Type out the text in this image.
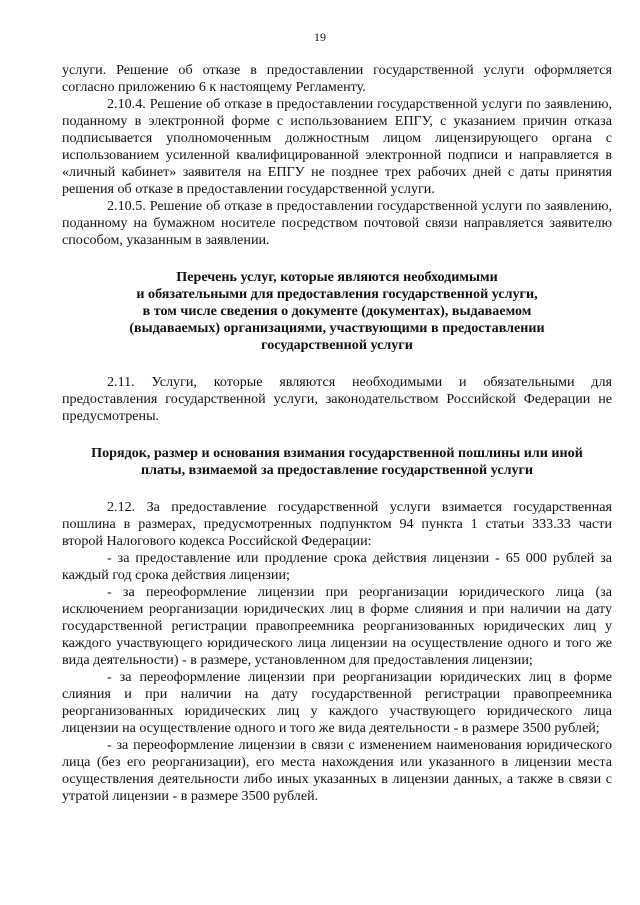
19

услуги. Решение об отказе в предоставлении государственной услуги оформляется согласно приложению 6 к настоящему Регламенту.

2.10.4. Решение об отказе в предоставлении государственной услуги по заявлению, поданному в электронной форме с использованием ЕПГУ, с указанием причин отказа подписывается уполномоченным должностным лицом лицензирующего органа с использованием усиленной квалифицированной электронной подписи и направляется в «личный кабинет» заявителя на ЕПГУ не позднее трех рабочих дней с даты принятия решения об отказе в предоставлении государственной услуги.

2.10.5. Решение об отказе в предоставлении государственной услуги по заявлению, поданному на бумажном носителе посредством почтовой связи направляется заявителю способом, указанным в заявлении.

Перечень услуг, которые являются необходимыми
и обязательными для предоставления государственной услуги,
в том числе сведения о документе (документах), выдаваемом
(выдаваемых) организациями, участвующими в предоставлении
государственной услуги

2.11. Услуги, которые являются необходимыми и обязательными для предоставления государственной услуги, законодательством Российской Федерации не предусмотрены.

Порядок, размер и основания взимания государственной пошлины или иной
платы, взимаемой за предоставление государственной услуги

2.12. За предоставление государственной услуги взимается государственная пошлина в размерах, предусмотренных подпунктом 94 пункта 1 статьи 333.33 части второй Налогового кодекса Российской Федерации:

- за предоставление или продление срока действия лицензии - 65 000 рублей за каждый год срока действия лицензии;

- за переоформление лицензии при реорганизации юридического лица (за исключением реорганизации юридических лиц в форме слияния и при наличии на дату государственной регистрации правопреемника реорганизованных юридических лиц у каждого участвующего юридического лица лицензии на осуществление одного и того же вида деятельности) - в размере, установленном для предоставления лицензии;

- за переоформление лицензии при реорганизации юридических лиц в форме слияния и при наличии на дату государственной регистрации правопреемника реорганизованных юридических лиц у каждого участвующего юридического лица лицензии на осуществление одного и того же вида деятельности - в размере 3500 рублей;

- за переоформление лицензии в связи с изменением наименования юридического лица (без его реорганизации), его места нахождения или указанного в лицензии места осуществления деятельности либо иных указанных в лицензии данных, а также в связи с утратой лицензии - в размере 3500 рублей.
